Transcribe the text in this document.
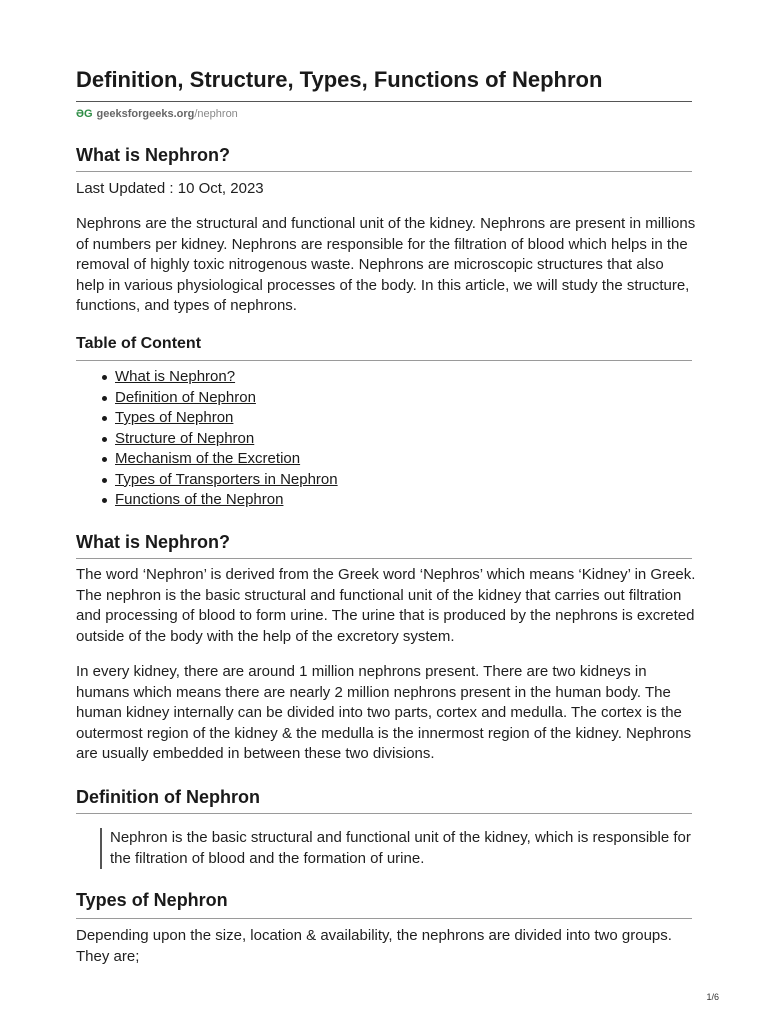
Definition, Structure, Types, Functions of Nephron
ƏG geeksforgeeks.org/nephron
What is Nephron?

Last Updated : 10 Oct, 2023

Nephrons are the structural and functional unit of the kidney. Nephrons are present in millions of numbers per kidney. Nephrons are responsible for the filtration of blood which helps in the removal of highly toxic nitrogenous waste. Nephrons are microscopic structures that also help in various physiological processes of the body. In this article, we will study the structure, functions, and types of nephrons.

Table of Content
What is Nephron?
Definition of Nephron
Types of Nephron
Structure of Nephron
Mechanism of the Excretion
Types of Transporters in Nephron
Functions of the Nephron
What is Nephron?

The word ‘Nephron’ is derived from the Greek word ‘Nephros’ which means ‘Kidney’ in Greek. The nephron is the basic structural and functional unit of the kidney that carries out filtration and processing of blood to form urine. The urine that is produced by the nephrons is excreted outside of the body with the help of the excretory system.

In every kidney, there are around 1 million nephrons present. There are two kidneys in humans which means there are nearly 2 million nephrons present in the human body. The human kidney internally can be divided into two parts, cortex and medulla. The cortex is the outermost region of the kidney & the medulla is the innermost region of the kidney. Nephrons are usually embedded in between these two divisions.

Definition of Nephron
Nephron is the basic structural and functional unit of the kidney, which is responsible for the filtration of blood and the formation of urine.
Types of Nephron

Depending upon the size, location & availability, the nephrons are divided into two groups. They are;

1/6
